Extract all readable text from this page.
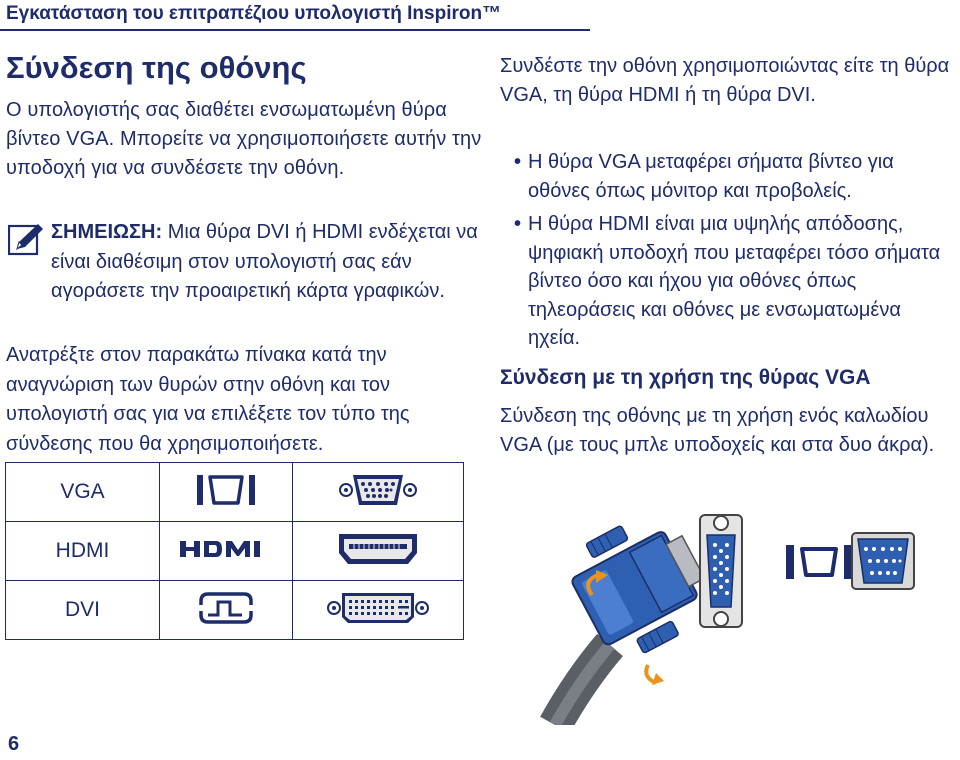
Εγκατάσταση του επιτραπέζιου υπολογιστή Inspiron™
Σύνδεση της οθόνης
Ο υπολογιστής σας διαθέτει ενσωματωμένη θύρα βίντεο VGA. Μπορείτε να χρησιμοποιήσετε αυτήν την υποδοχή για να συνδέσετε την οθόνη.
ΣΗΜΕΙΩΣΗ: Μια θύρα DVI ή HDMI ενδέχεται να είναι διαθέσιμη στον υπολογιστή σας εάν αγοράσετε την προαιρετική κάρτα γραφικών.
Ανατρέξτε στον παρακάτω πίνακα κατά την αναγνώριση των θυρών στην οθόνη και τον υπολογιστή σας για να επιλέξετε τον τύπο της σύνδεσης που θα χρησιμοποιήσετε.
VGA		
HDMI		
DVI		
Συνδέστε την οθόνη χρησιμοποιώντας είτε τη θύρα VGA, τη θύρα HDMI ή τη θύρα DVI.
• Η θύρα VGA μεταφέρει σήματα βίντεο για οθόνες όπως μόνιτορ και προβολείς.
• Η θύρα HDMI είναι μια υψηλής απόδοσης, ψηφιακή υποδοχή που μεταφέρει τόσο σήματα βίντεο όσο και ήχου για οθόνες όπως τηλεοράσεις και οθόνες με ενσωματωμένα ηχεία.
Σύνδεση με τη χρήση της θύρας VGA
Σύνδεση της οθόνης με τη χρήση ενός καλωδίου VGA (με τους μπλε υποδοχείς και στα δυο άκρα).
6
